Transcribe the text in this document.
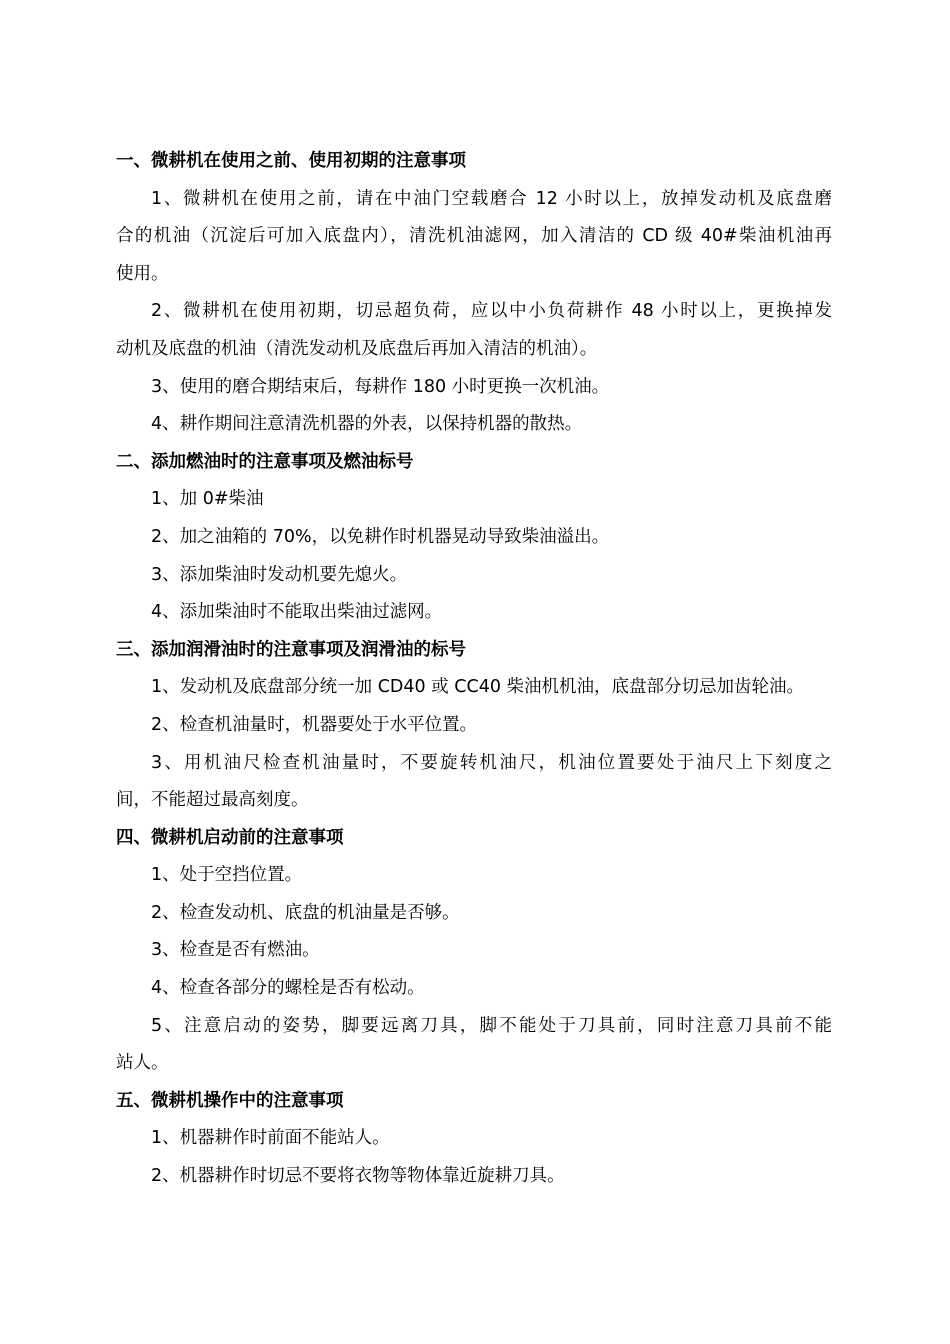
一、微耕机在使用之前、使用初期的注意事项
1、微耕机在使用之前，请在中油门空载磨合 12 小时以上，放掉发动机及底盘磨
合的机油（沉淀后可加入底盘内），清洗机油滤网，加入清洁的 CD 级 40#柴油机油再
使用。
2、微耕机在使用初期，切忌超负荷，应以中小负荷耕作 48 小时以上，更换掉发
动机及底盘的机油（清洗发动机及底盘后再加入清洁的机油）。
3、使用的磨合期结束后，每耕作 180 小时更换一次机油。
4、耕作期间注意清洗机器的外表，以保持机器的散热。
二、添加燃油时的注意事项及燃油标号
1、加 0#柴油
2、加之油箱的 70%，以免耕作时机器晃动导致柴油溢出。
3、添加柴油时发动机要先熄火。
4、添加柴油时不能取出柴油过滤网。
三、添加润滑油时的注意事项及润滑油的标号
1、发动机及底盘部分统一加 CD40 或 CC40 柴油机机油，底盘部分切忌加齿轮油。
2、检查机油量时，机器要处于水平位置。
3、用机油尺检查机油量时，不要旋转机油尺，机油位置要处于油尺上下刻度之
间，不能超过最高刻度。
四、微耕机启动前的注意事项
1、处于空挡位置。
2、检查发动机、底盘的机油量是否够。
3、检查是否有燃油。
4、检查各部分的螺栓是否有松动。
5、注意启动的姿势，脚要远离刀具，脚不能处于刀具前，同时注意刀具前不能
站人。
五、微耕机操作中的注意事项
1、机器耕作时前面不能站人。
2、机器耕作时切忌不要将衣物等物体靠近旋耕刀具。
